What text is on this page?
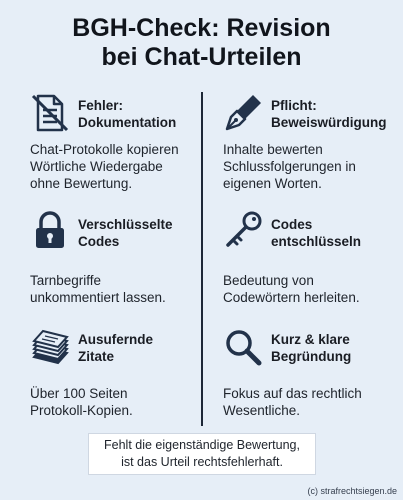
BGH-Check: Revision
bei Chat-Urteilen
Fehler:
Dokumentation
Chat-Protokolle kopieren
Wörtliche Wiedergabe
ohne Bewertung.
Verschlüsselte
Codes
Tarnbegriffe
unkommentiert lassen.
Ausufernde
Zitate
Über 100 Seiten
Protokoll-Kopien.
Pflicht:
Beweiswürdigung
Inhalte bewerten
Schlussfolgerungen in
eigenen Worten.
Codes
entschlüsseln
Bedeutung von
Codewörtern herleiten.
Kurz & klare
Begründung
Fokus auf das rechtlich
Wesentliche.
Fehlt die eigenständige Bewertung,
ist das Urteil rechtsfehlerhaft.
(c) strafrechtsiegen.de
